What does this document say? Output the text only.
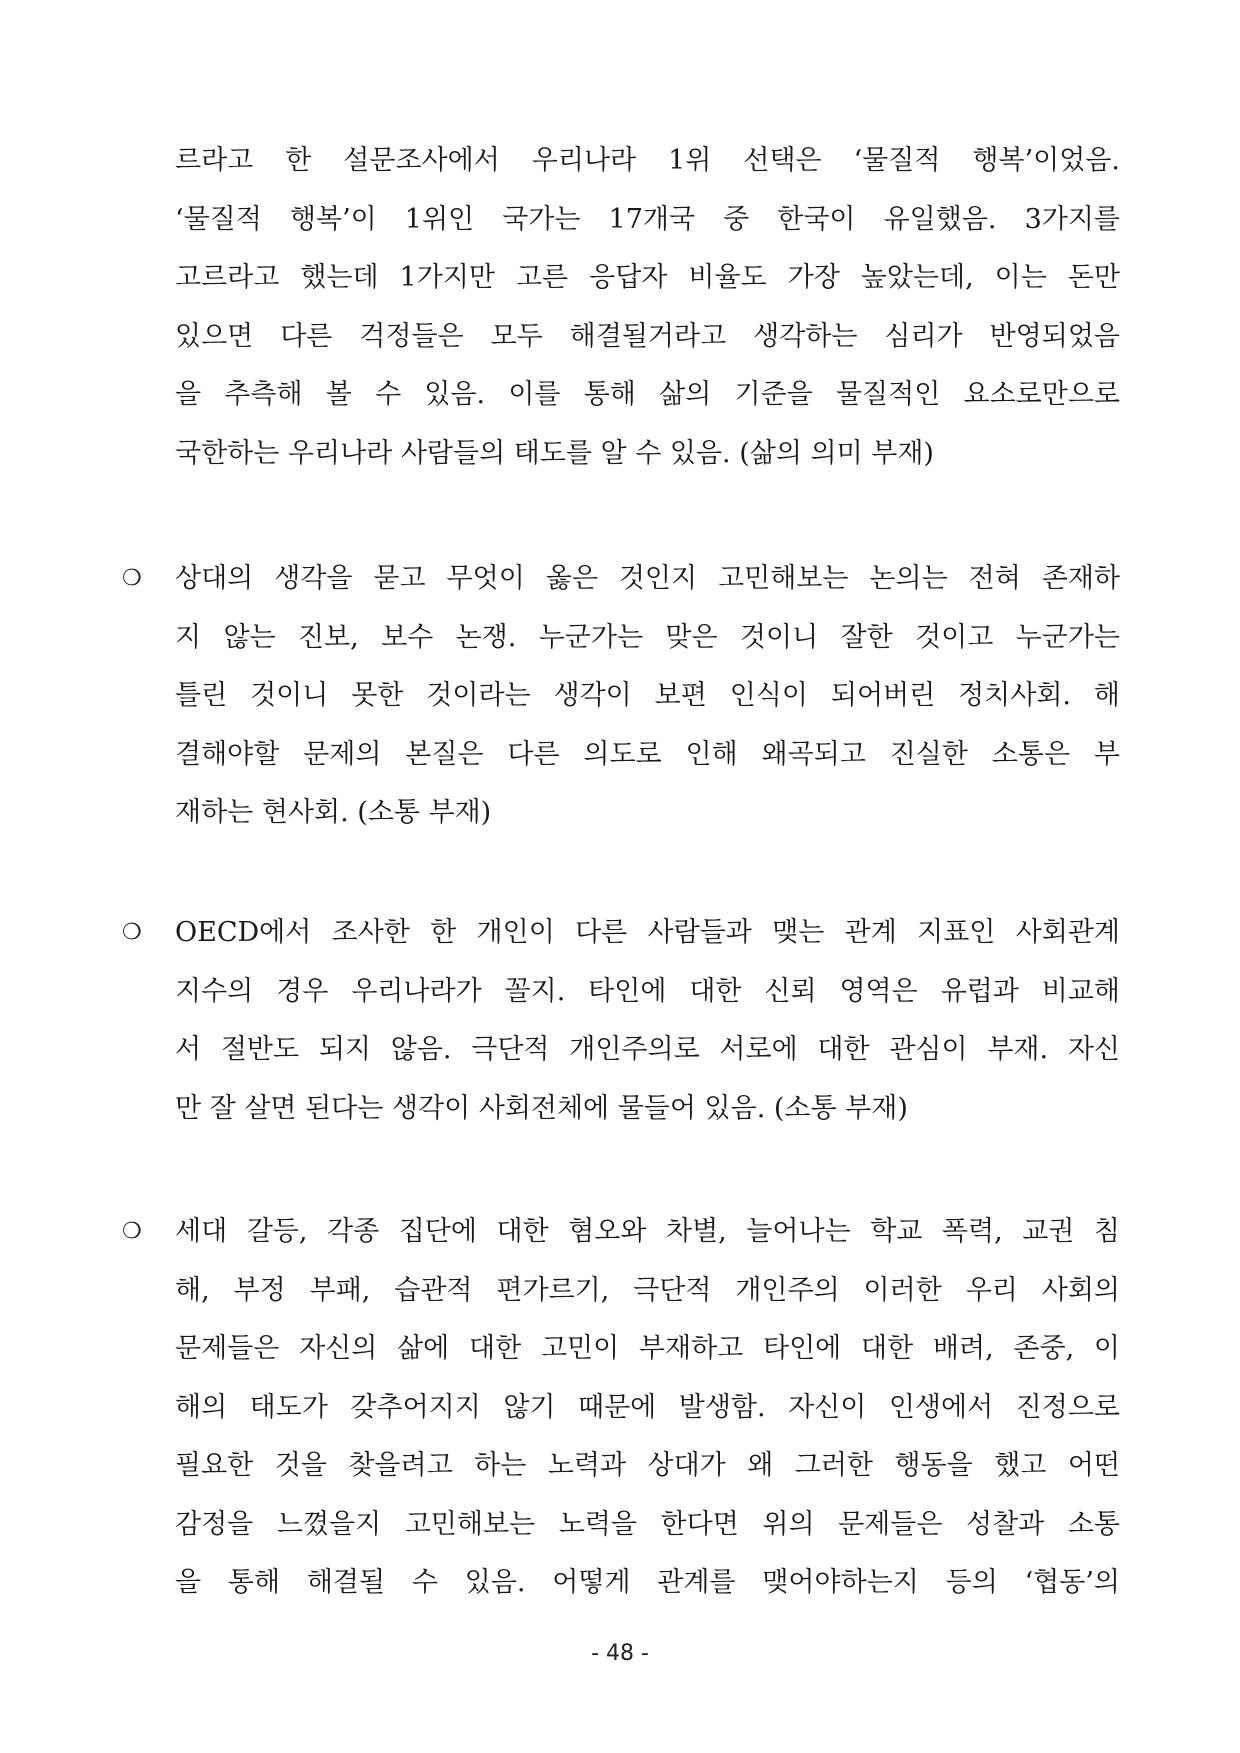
르라고 한 설문조사에서 우리나라 1위 선택은 ‘물질적 행복’이었음.
‘물질적 행복’이 1위인 국가는 17개국 중 한국이 유일했음. 3가지를
고르라고 했는데 1가지만 고른 응답자 비율도 가장 높았는데, 이는 돈만
있으면 다른 걱정들은 모두 해결될거라고 생각하는 심리가 반영되었음
을 추측해 볼 수 있음. 이를 통해 삶의 기준을 물질적인 요소로만으로
국한하는 우리나라 사람들의 태도를 알 수 있음. (삶의 의미 부재)
❍	상대의 생각을 묻고 무엇이 옳은 것인지 고민해보는 논의는 전혀 존재하
지 않는 진보, 보수 논쟁. 누군가는 맞은 것이니 잘한 것이고 누군가는
틀린 것이니 못한 것이라는 생각이 보편 인식이 되어버린 정치사회. 해
결해야할 문제의 본질은 다른 의도로 인해 왜곡되고 진실한 소통은 부
재하는 현사회. (소통 부재)
❍	OECD에서 조사한 한 개인이 다른 사람들과 맺는 관계 지표인 사회관계
지수의 경우 우리나라가 꼴지. 타인에 대한 신뢰 영역은 유럽과 비교해
서 절반도 되지 않음. 극단적 개인주의로 서로에 대한 관심이 부재. 자신
만 잘 살면 된다는 생각이 사회전체에 물들어 있음. (소통 부재)
❍	세대 갈등, 각종 집단에 대한 혐오와 차별, 늘어나는 학교 폭력, 교권 침
해, 부정 부패, 습관적 편가르기, 극단적 개인주의 이러한 우리 사회의
문제들은 자신의 삶에 대한 고민이 부재하고 타인에 대한 배려, 존중, 이
해의 태도가 갖추어지지 않기 때문에 발생함. 자신이 인생에서 진정으로
필요한 것을 찾을려고 하는 노력과 상대가 왜 그러한 행동을 했고 어떤
감정을 느꼈을지 고민해보는 노력을 한다면 위의 문제들은 성찰과 소통
을 통해 해결될 수 있음. 어떻게 관계를 맺어야하는지 등의 ‘협동’의
- 48 -
